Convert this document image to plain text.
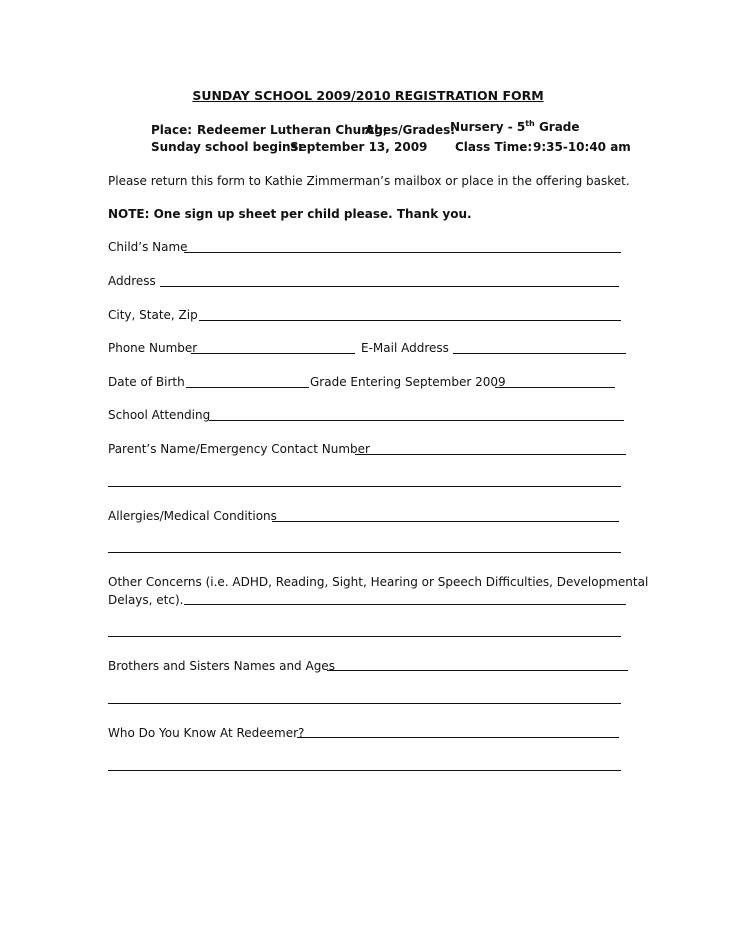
SUNDAY SCHOOL 2009/2010 REGISTRATION FORM
Place: Redeemer Lutheran Church;
Ages/Grades:
Nursery - 5th Grade
Sunday school begins:
September 13, 2009 Class Time: 9:35-10:40 am
Please return this form to Kathie Zimmerman’s mailbox or place in the offering basket.
NOTE: One sign up sheet per child please. Thank you.
Child’s Name
Address
City, State, Zip
Phone Number	E-Mail Address
Date of Birth	Grade Entering September 2009
School Attending
Parent’s Name/Emergency Contact Number
Allergies/Medical Conditions
Other Concerns (i.e. ADHD, Reading, Sight, Hearing or Speech Difficulties, Developmental
Delays, etc).
Brothers and Sisters Names and Ages
Who Do You Know At Redeemer?
